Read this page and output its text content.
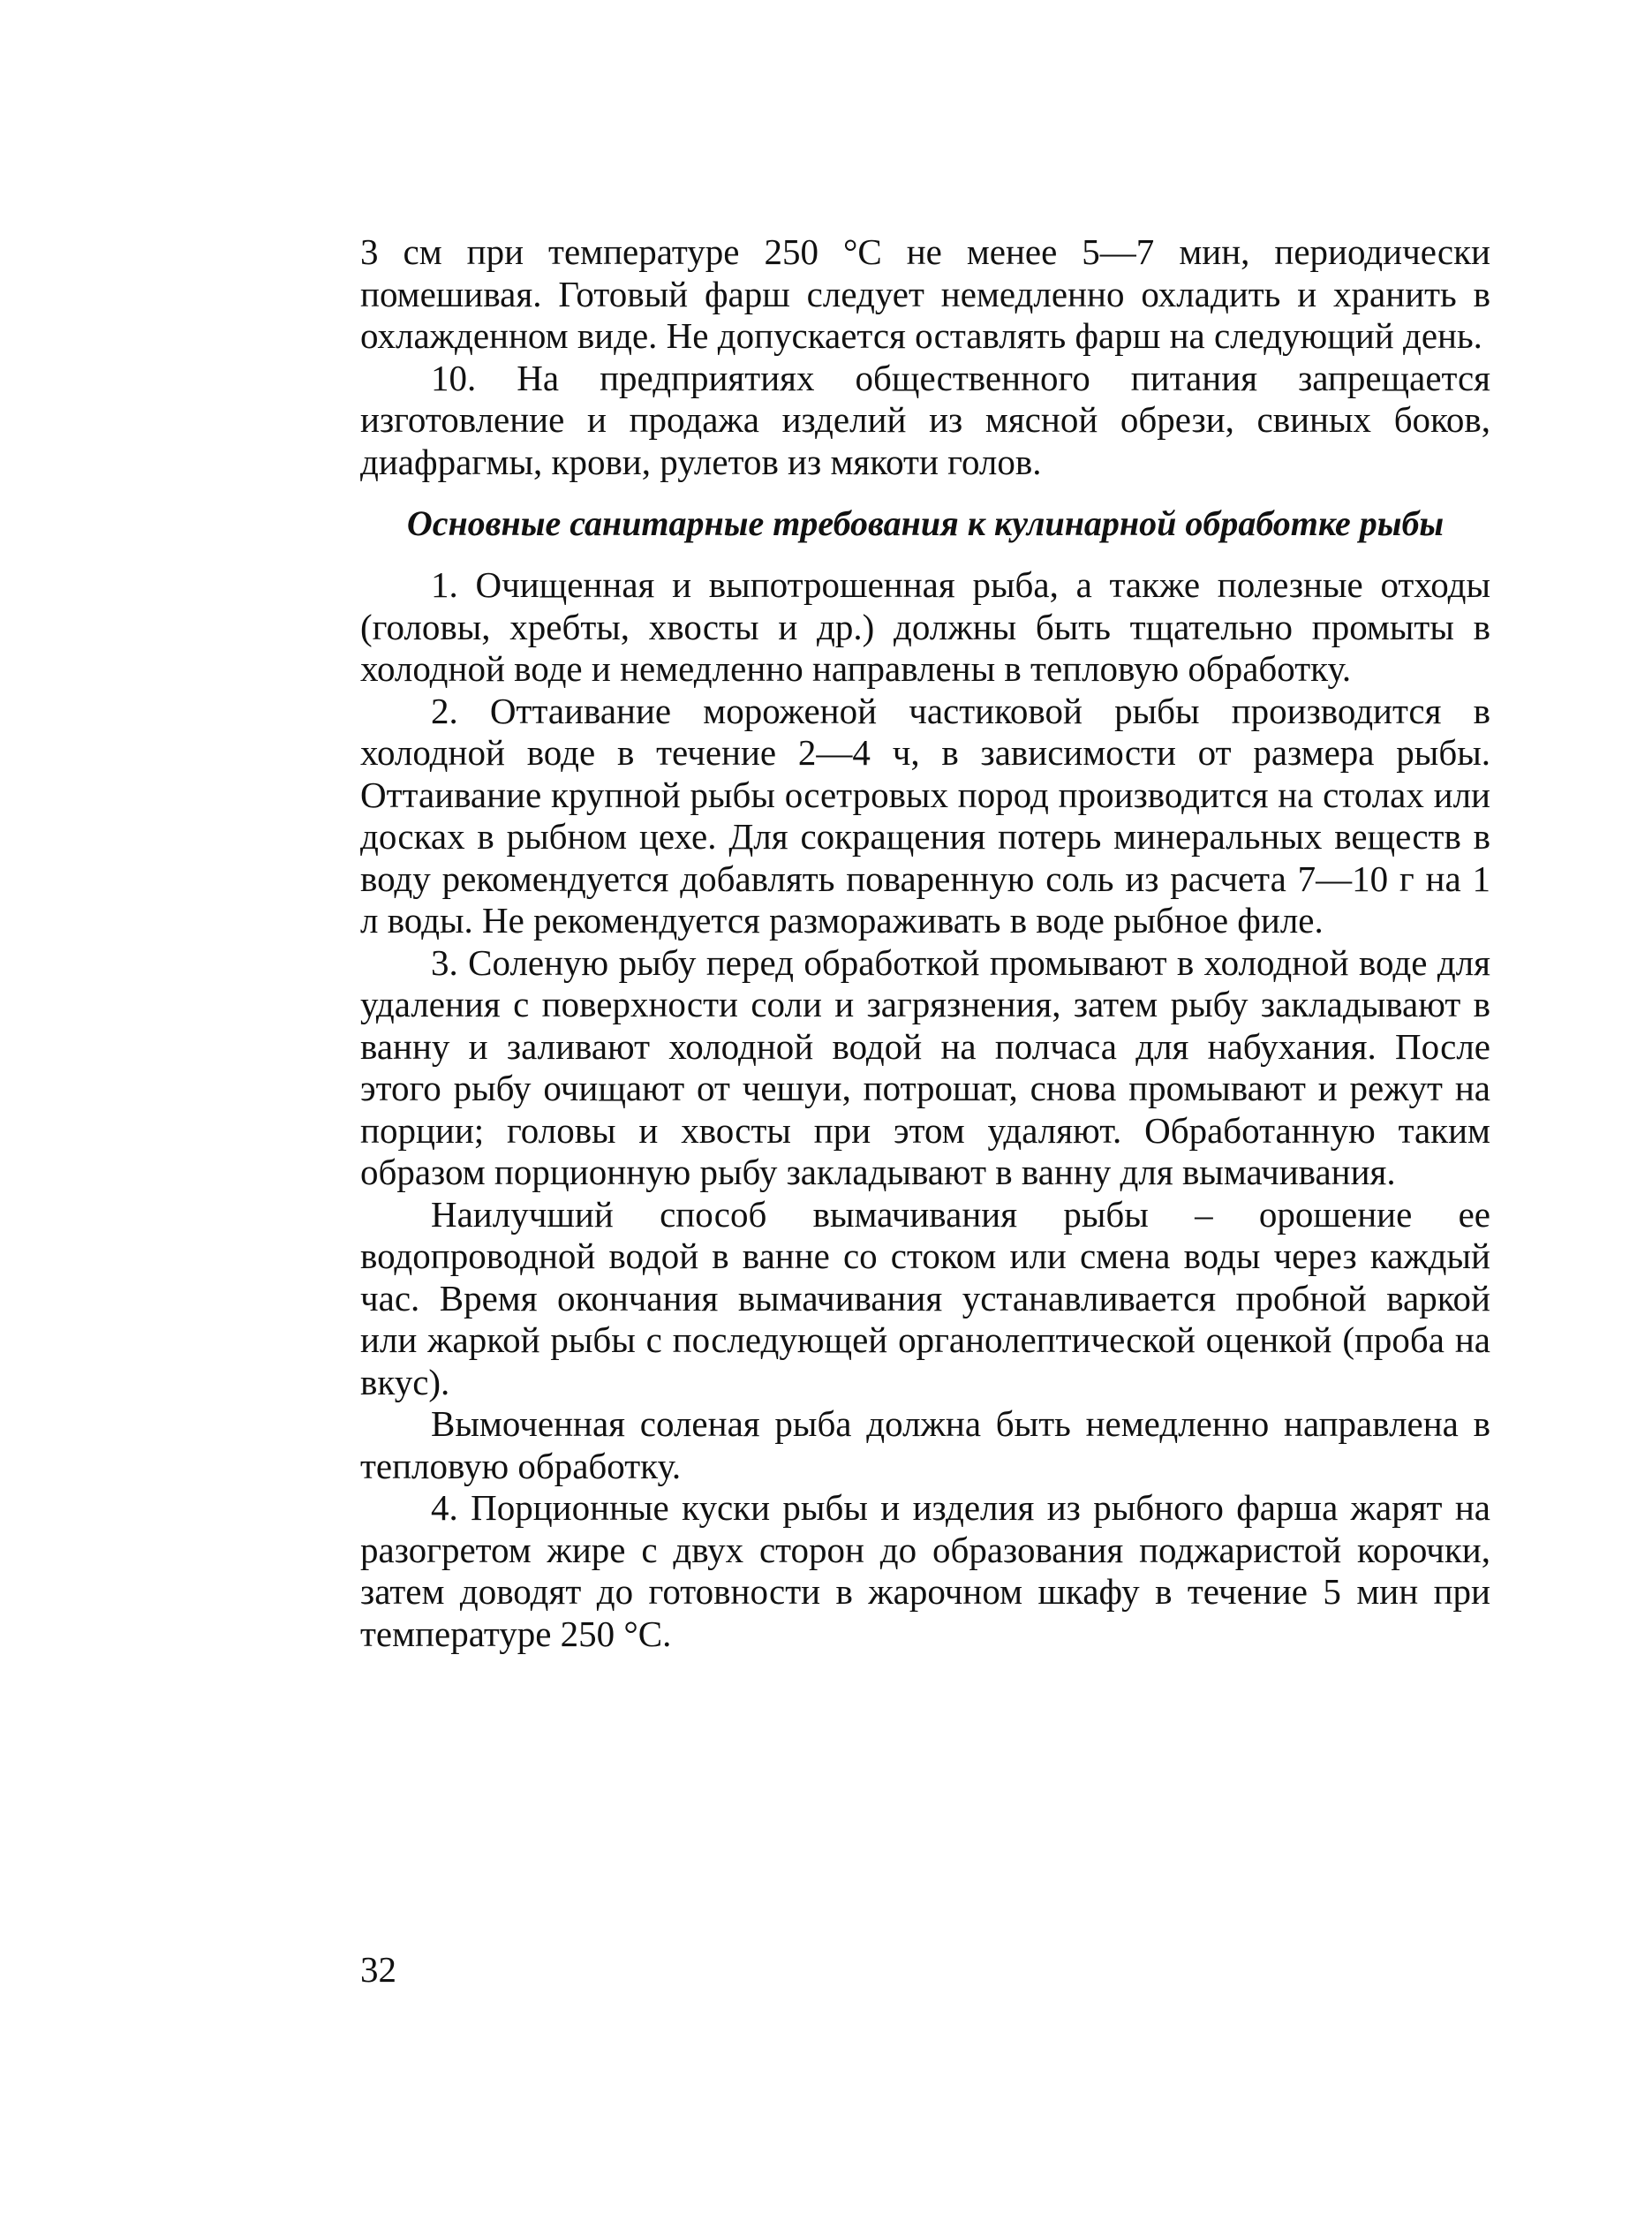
3 см при температуре 250 °C не менее 5—7 мин, периодически помешивая. Готовый фарш следует немедленно охладить и хранить в охлажденном виде. Не допускается оставлять фарш на следующий день.

10. На предприятиях общественного питания запрещается изготовление и продажа изделий из мясной обрези, свиных боков, диафрагмы, крови, рулетов из мякоти голов.

Основные санитарные требования к кулинарной обработке рыбы

1. Очищенная и выпотрошенная рыба, а также полезные отходы (головы, хребты, хвосты и др.) должны быть тщательно промыты в холодной воде и немедленно направлены в тепловую обработку.

2. Оттаивание мороженой частиковой рыбы производится в холодной воде в течение 2—4 ч, в зависимости от размера рыбы. Оттаивание крупной рыбы осетровых пород производится на столах или досках в рыбном цехе. Для сокращения потерь минеральных веществ в воду рекомендуется добавлять поваренную соль из расчета 7—10 г на 1 л воды. Не рекомендуется размораживать в воде рыбное филе.

3. Соленую рыбу перед обработкой промывают в холодной воде для удаления с поверхности соли и загрязнения, затем рыбу закладывают в ванну и заливают холодной водой на полчаса для набухания. После этого рыбу очищают от чешуи, потрошат, снова промывают и режут на порции; головы и хвосты при этом удаляют. Обработанную таким образом порционную рыбу закладывают в ванну для вымачивания.

Наилучший способ вымачивания рыбы – орошение ее водопроводной водой в ванне со стоком или смена воды через каждый час. Время окончания вымачивания устанавливается пробной варкой или жаркой рыбы с последующей органолептической оценкой (проба на вкус).

Вымоченная соленая рыба должна быть немедленно направлена в тепловую обработку.

4. Порционные куски рыбы и изделия из рыбного фарша жарят на разогретом жире с двух сторон до образования поджаристой корочки, затем доводят до готовности в жарочном шкафу в течение 5 мин при температуре 250 °C.

32
